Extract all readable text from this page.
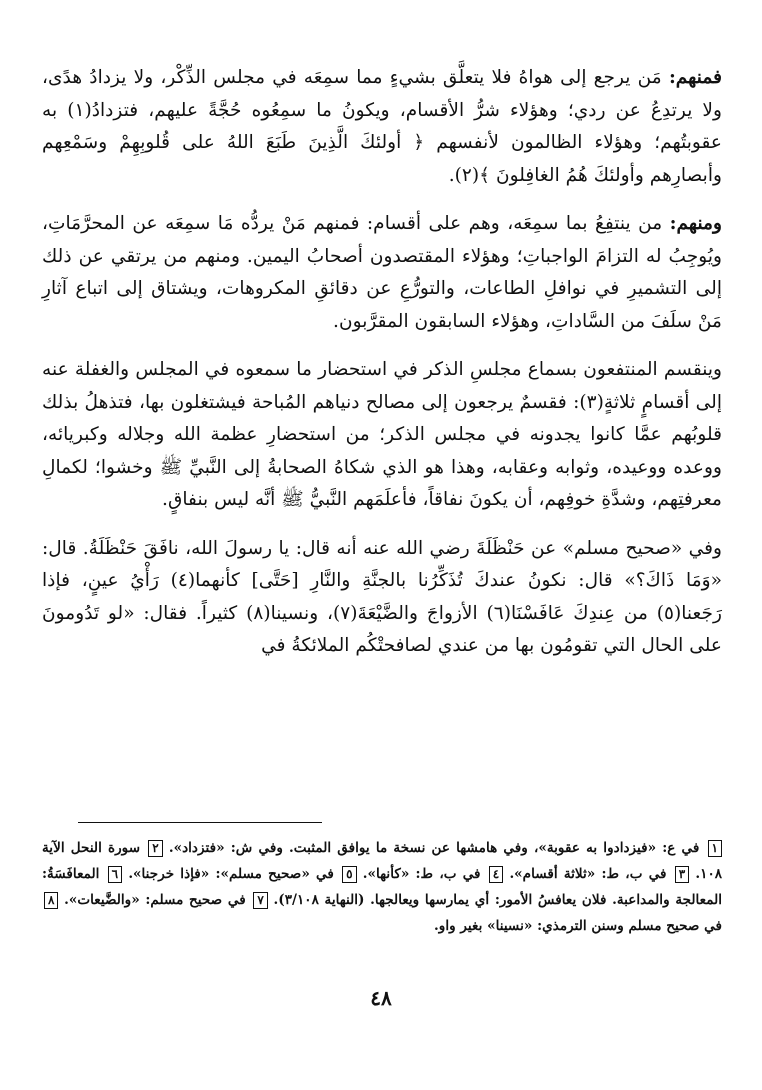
فمنهم: مَن يرجع إلى هواهُ فلا يتعلَّق بشيءٍ مما سمِعَه في مجلس الذِّكْر، ولا يزدادُ هدًى، ولا يرتدِعُ عن ردي؛ وهؤلاء شرُّ الأقسام، ويكونُ ما سمِعُوه حُجَّةً عليهم، فتزدادُ(١) به عقوبتُهم؛ وهؤلاء الظالمون لأنفسهم ﴿ أولئكَ الَّذِينَ طَبَعَ اللهُ على قُلوبِهِمْ وسَمْعِهم وأبصارِهم وأولئكَ هُمُ الغافِلونَ ﴾(٢).

ومنهم: من ينتفِعُ بما سمِعَه، وهم على أقسام: فمنهم مَنْ يردُّه مَا سمِعَه عن المحرَّمَاتِ، ويُوجِبُ له التزامَ الواجباتِ؛ وهؤلاء المقتصدون أصحابُ اليمين. ومنهم من يرتقي عن ذلك إلى التشميرِ في نوافلِ الطاعات، والتورُّعِ عن دقائقِ المكروهات، ويشتاق إلى اتباع آثارِ مَنْ سلَفَ من السَّاداتِ، وهؤلاء السابقون المقرَّبون.

وينقسم المنتفعون بسماع مجلسِ الذكر في استحضار ما سمعوه في المجلس والغفلة عنه إلى أقسامٍ ثلاثةٍ(٣): فقسمٌ يرجعون إلى مصالح دنياهم المُباحة فيشتغلون بها، فتذهلُ بذلك قلوبُهم عمَّا كانوا يجدونه في مجلس الذكر؛ من استحضارِ عظمة الله وجلاله وكبريائه، ووعده ووعيده، وثوابه وعقابه، وهذا هو الذي شكاهُ الصحابةُ إلى النَّبيِّ ﷺ وخشوا؛ لكمالِ معرفتِهم، وشدَّةِ خوفِهم، أن يكونَ نفاقاً، فأعلَمَهم النَّبيُّ ﷺ أنَّه ليس بنفاقٍ.

وفي «صحيح مسلم» عن حَنْظَلَةَ رضي الله عنه أنه قال: يا رسولَ الله، نافَقَ حَنْظَلَةُ. قال: «وَمَا ذَاكَ؟» قال: نكونُ عندكَ تُذَكِّرُنا بالجنَّةِ والنَّارِ [حَتَّى] كأنهما(٤) رَأْيُ عينٍ، فإذا رَجَعنا(٥) من عِندِكَ عَافَسْنَا(٦) الأزواجَ والضَّيْعَةَ(٧)، ونسينا(٨) كثيراً. فقال: «لو تَدُومونَ على الحال التي تقومُون بها من عندي لصافحتْكُم الملائكةُ في

١ في ع: «فيزدادوا به عقوبة»، وفي هامشها عن نسخة ما يوافق المثبت. وفي ش: «فتزداد». ٢ سورة النحل الآية ١٠٨. ٣ في ب، ط: «ثلاثة أقسام». ٤ في ب، ط: «كأنها». ٥ في «صحيح مسلم»: «فإذا خرجنا». ٦ المعافَسَةُ: المعالجة والمداعبة. فلان يعافسُ الأمور: أي يمارسها ويعالجها. (النهاية ٣/١٠٨). ٧ في صحيح مسلم: «والضَّيعات». ٨ في صحيح مسلم وسنن الترمذي: «نسينا» بغير واو.
٤٨
